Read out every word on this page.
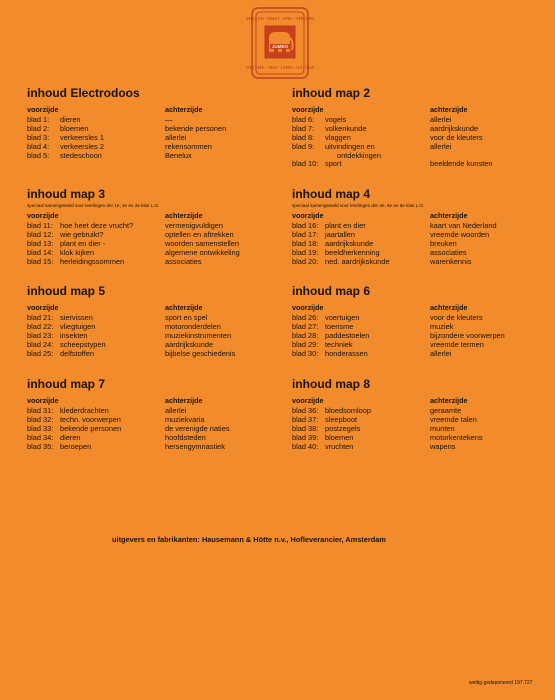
JUMBO
SPELLEN - FEEST - SPEL - SPELLEN
SPELLEN - FEEST - SPEL - SPELLEN
inhoud Electrodoos
voorzijde	achterzijde
blad 1: dieren	—
blad 2: bloemen	bekende personen
blad 3: verkeersles 1	allerlei
blad 4: verkeersles 2	rekensommen
blad 5: stedeschoon	Benelux
inhoud map 2
voorzijde	achterzijde
blad 6: vogels	allerlei
blad 7: volkenkunde	aardrijkskunde
blad 8: vlaggen	voor de kleuters
blad 9: uitvindingen en	allerlei
ontdekkingen
blad 10: sport	beeldende kunsten
inhoud map 3
speciaal samengesteld voor leerlingen der 1e, 2e en 3e klas L.O.
voorzijde	achterzijde
blad 11: hoe heet deze vrucht?	vermenigvuldigen
blad 12: wie gebruikt?	optellen en aftrekken
blad 13: plant en dier -	woorden samenstellen
blad 14: klok kijken	algemene ontwikkeling
blad 15: herleidingssommen	associaties
inhoud map 4
speciaal samengesteld voor leerlingen der 4e, 5e en 6e klas L.O.
voorzijde	achterzijde
blad 16: plant en dier	kaart van Nederland
blad 17: jaartallen	vreemde woorden
blad 18: aardrijkskunde	breuken
blad 19: beeldherkenning	associaties
blad 20: ned. aardrijkskunde	warenkennis
inhoud map 5
voorzijde	achterzijde
blad 21: siervissen	sport en spel
blad 22: vliegtuigen	motoronderdelen
blad 23: insekten	muziekinstrumenten
blad 24: scheepstypen	aardrijkskunde
blad 25: delfstoffen	bijbelse geschiedenis
inhoud map 6
voorzijde	achterzijde
blad 26: voertuigen	voor de kleuters
blad 27: toerisme	muziek
blad 28: paddestoelen	bijzondere voorwerpen
blad 29: techniek	vreemde termen
blad 30: honderassen	allerlei
inhoud map 7
voorzijde	achterzijde
blad 31: klederdrachten	allerlei
blad 32: techn. voorwerpen	muziekvaria
blad 33: bekende personen	de verenigde naties
blad 34: dieren	hoofdsteden
blad 35: beroepen	hersengymnastiek
inhoud map 8
voorzijde	achterzijde
blad 36: bloedsomloop	geraamte
blad 37: sleepboot	vreemde talen
blad 38: postzegels	munten
blad 39: bloemen	motorkentekens
blad 40: vruchten	wapens
uitgevers en fabrikanten: Hausemann & Hötte n.v., Hofleverancier, Amsterdam
wettig gedeponeerd 197.727
